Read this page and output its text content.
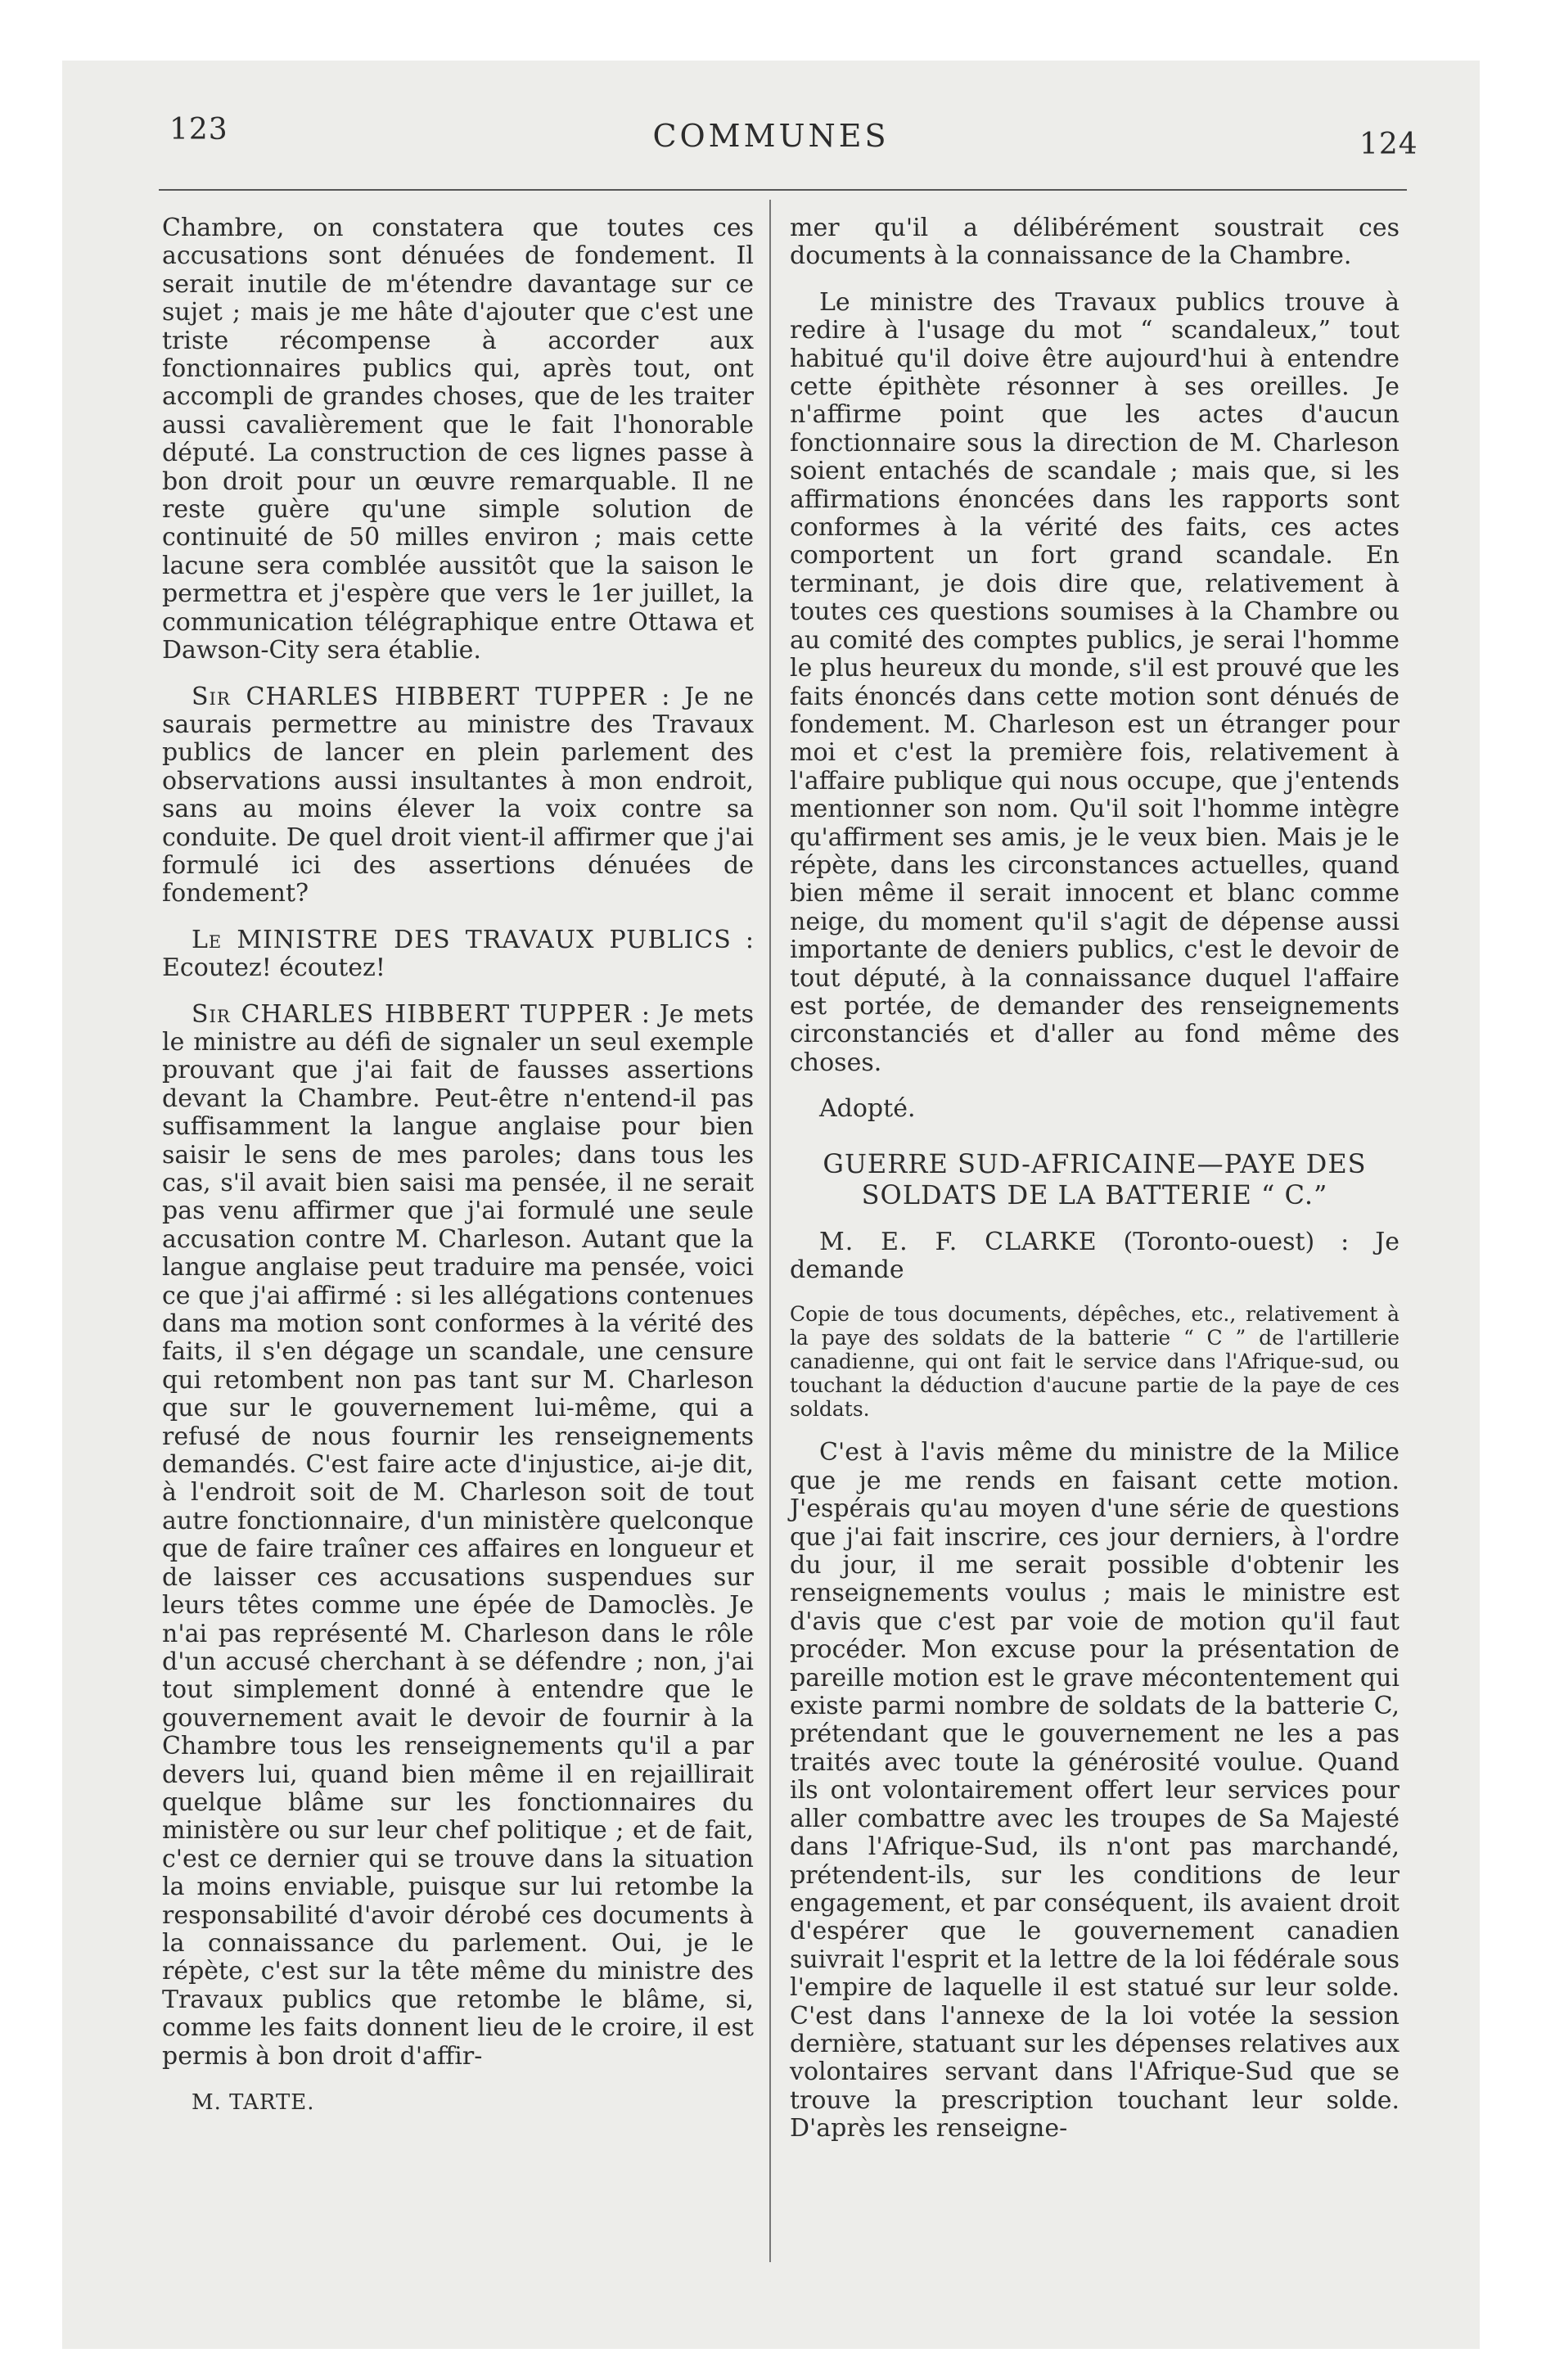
123	COMMUNES	124

Chambre, on constatera que toutes ces accusations sont dénuées de fondement. Il serait inutile de m'étendre davantage sur ce sujet ; mais je me hâte d'ajouter que c'est une triste récompense à accorder aux fonctionnaires publics qui, après tout, ont accompli de grandes choses, que de les traiter aussi cavalièrement que le fait l'honorable député. La construction de ces lignes passe à bon droit pour un œuvre remarquable. Il ne reste guère qu'une simple solution de continuité de 50 milles environ ; mais cette lacune sera comblée aussitôt que la saison le permettra et j'espère que vers le 1er juillet, la communication télégraphique entre Ottawa et Dawson-City sera établie.

Sir CHARLES HIBBERT TUPPER : Je ne saurais permettre au ministre des Travaux publics de lancer en plein parlement des observations aussi insultantes à mon endroit, sans au moins élever la voix contre sa conduite. De quel droit vient-il affirmer que j'ai formulé ici des assertions dénuées de fondement?

Le MINISTRE DES TRAVAUX PUBLICS : Ecoutez! écoutez!

Sir CHARLES HIBBERT TUPPER : Je mets le ministre au défi de signaler un seul exemple prouvant que j'ai fait de fausses assertions devant la Chambre. Peut-être n'entend-il pas suffisamment la langue anglaise pour bien saisir le sens de mes paroles; dans tous les cas, s'il avait bien saisi ma pensée, il ne serait pas venu affirmer que j'ai formulé une seule accusation contre M. Charleson. Autant que la langue anglaise peut traduire ma pensée, voici ce que j'ai affirmé : si les allégations contenues dans ma motion sont conformes à la vérité des faits, il s'en dégage un scandale, une censure qui retombent non pas tant sur M. Charleson que sur le gouvernement lui-même, qui a refusé de nous fournir les renseignements demandés. C'est faire acte d'injustice, ai-je dit, à l'endroit soit de M. Charleson soit de tout autre fonctionnaire, d'un ministère quelconque que de faire traîner ces affaires en longueur et de laisser ces accusations suspendues sur leurs têtes comme une épée de Damoclès. Je n'ai pas représenté M. Charleson dans le rôle d'un accusé cherchant à se défendre ; non, j'ai tout simplement donné à entendre que le gouvernement avait le devoir de fournir à la Chambre tous les renseignements qu'il a par devers lui, quand bien même il en rejaillirait quelque blâme sur les fonctionnaires du ministère ou sur leur chef politique ; et de fait, c'est ce dernier qui se trouve dans la situation la moins enviable, puisque sur lui retombe la responsabilité d'avoir dérobé ces documents à la connaissance du parlement. Oui, je le répète, c'est sur la tête même du ministre des Travaux publics que retombe le blâme, si, comme les faits donnent lieu de le croire, il est permis à bon droit d'affir-

M. TARTE.

mer qu'il a délibérément soustrait ces documents à la connaissance de la Chambre.

Le ministre des Travaux publics trouve à redire à l'usage du mot “ scandaleux,” tout habitué qu'il doive être aujourd'hui à entendre cette épithète résonner à ses oreilles. Je n'affirme point que les actes d'aucun fonctionnaire sous la direction de M. Charleson soient entachés de scandale ; mais que, si les affirmations énoncées dans les rapports sont conformes à la vérité des faits, ces actes comportent un fort grand scandale. En terminant, je dois dire que, relativement à toutes ces questions soumises à la Chambre ou au comité des comptes publics, je serai l'homme le plus heureux du monde, s'il est prouvé que les faits énoncés dans cette motion sont dénués de fondement. M. Charleson est un étranger pour moi et c'est la première fois, relativement à l'affaire publique qui nous occupe, que j'entends mentionner son nom. Qu'il soit l'homme intègre qu'affirment ses amis, je le veux bien. Mais je le répète, dans les circonstances actuelles, quand bien même il serait innocent et blanc comme neige, du moment qu'il s'agit de dépense aussi importante de deniers publics, c'est le devoir de tout député, à la connaissance duquel l'affaire est portée, de demander des renseignements circonstanciés et d'aller au fond même des choses.

Adopté.

GUERRE SUD-AFRICAINE—PAYE DES SOLDATS DE LA BATTERIE “ C.”

M. E. F. CLARKE (Toronto-ouest) : Je demande

Copie de tous documents, dépêches, etc., relativement à la paye des soldats de la batterie “ C ” de l'artillerie canadienne, qui ont fait le service dans l'Afrique-sud, ou touchant la déduction d'aucune partie de la paye de ces soldats.

C'est à l'avis même du ministre de la Milice que je me rends en faisant cette motion. J'espérais qu'au moyen d'une série de questions que j'ai fait inscrire, ces jour derniers, à l'ordre du jour, il me serait possible d'obtenir les renseignements voulus ; mais le ministre est d'avis que c'est par voie de motion qu'il faut procéder. Mon excuse pour la présentation de pareille motion est le grave mécontentement qui existe parmi nombre de soldats de la batterie C, prétendant que le gouvernement ne les a pas traités avec toute la générosité voulue. Quand ils ont volontairement offert leur services pour aller combattre avec les troupes de Sa Majesté dans l'Afrique-Sud, ils n'ont pas marchandé, prétendent-ils, sur les conditions de leur engagement, et par conséquent, ils avaient droit d'espérer que le gouvernement canadien suivrait l'esprit et la lettre de la loi fédérale sous l'empire de laquelle il est statué sur leur solde. C'est dans l'annexe de la loi votée la session dernière, statuant sur les dépenses relatives aux volontaires servant dans l'Afrique-Sud que se trouve la prescription touchant leur solde. D'après les renseigne-
